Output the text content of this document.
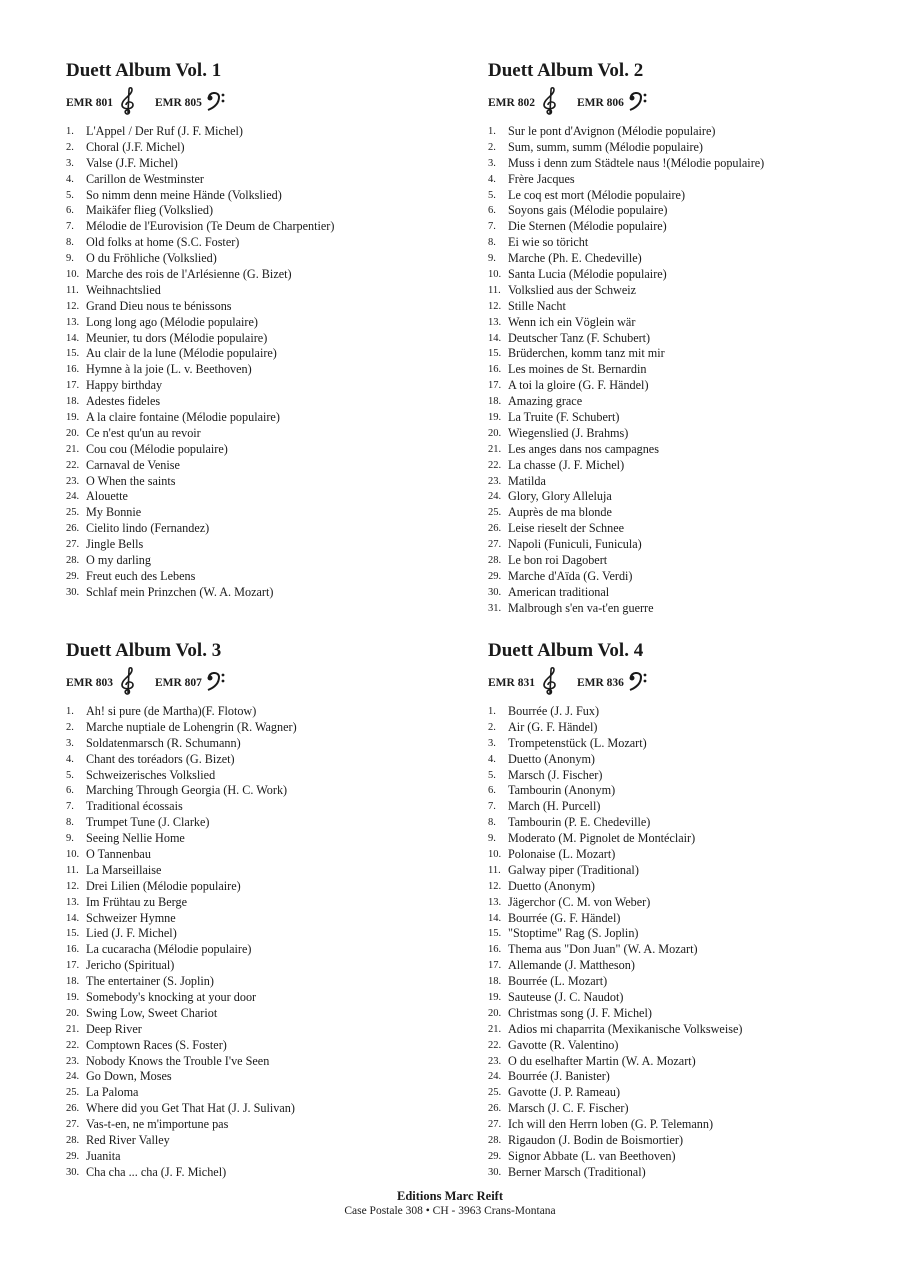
Duett Album Vol. 1
EMR 801	EMR 805
1. L'Appel / Der Ruf (J. F. Michel)
2. Choral (J.F. Michel)
3. Valse (J.F. Michel)
4. Carillon de Westminster
5. So nimm denn meine Hände (Volkslied)
6. Maikäfer flieg (Volkslied)
7. Mélodie de l'Eurovision (Te Deum de Charpentier)
8. Old folks at home (S.C. Foster)
9. O du Fröhliche (Volkslied)
10. Marche des rois de l'Arlésienne (G. Bizet)
11. Weihnachtslied
12. Grand Dieu nous te bénissons
13. Long long ago (Mélodie populaire)
14. Meunier, tu dors (Mélodie populaire)
15. Au clair de la lune (Mélodie populaire)
16. Hymne à la joie (L. v. Beethoven)
17. Happy birthday
18. Adestes fideles
19. A la claire fontaine (Mélodie populaire)
20. Ce n'est qu'un au revoir
21. Cou cou (Mélodie populaire)
22. Carnaval de Venise
23. O When the saints
24. Alouette
25. My Bonnie
26. Cielito lindo (Fernandez)
27. Jingle Bells
28. O my darling
29. Freut euch des Lebens
30. Schlaf mein Prinzchen (W. A. Mozart)
Duett Album Vol. 2
EMR 802	EMR 806
1. Sur le pont d'Avignon (Mélodie populaire)
2. Sum, summ, summ (Mélodie populaire)
3. Muss i denn zum Städtele naus !(Mélodie populaire)
4. Frère Jacques
5. Le coq est mort (Mélodie populaire)
6. Soyons gais (Mélodie populaire)
7. Die Sternen (Mélodie populaire)
8. Ei wie so töricht
9. Marche (Ph. E. Chedeville)
10. Santa Lucia (Mélodie populaire)
11. Volkslied aus der Schweiz
12. Stille Nacht
13. Wenn ich ein Vöglein wär
14. Deutscher Tanz (F. Schubert)
15. Brüderchen, komm tanz mit mir
16. Les moines de St. Bernardin
17. A toi la gloire (G. F. Händel)
18. Amazing grace
19. La Truite (F. Schubert)
20. Wiegenslied (J. Brahms)
21. Les anges dans nos campagnes
22. La chasse (J. F. Michel)
23. Matilda
24. Glory, Glory Alleluja
25. Auprès de ma blonde
26. Leise rieselt der Schnee
27. Napoli (Funiculi, Funicula)
28. Le bon roi Dagobert
29. Marche d'Aïda (G. Verdi)
30. American traditional
31. Malbrough s'en va-t'en guerre
Duett Album Vol. 3
EMR 803	EMR 807
1. Ah! si pure (de Martha)(F. Flotow)
2. Marche nuptiale de Lohengrin (R. Wagner)
3. Soldatenmarsch (R. Schumann)
4. Chant des toréadors (G. Bizet)
5. Schweizerisches Volkslied
6. Marching Through Georgia (H. C. Work)
7. Traditional écossais
8. Trumpet Tune (J. Clarke)
9. Seeing Nellie Home
10. O Tannenbau
11. La Marseillaise
12. Drei Lilien (Mélodie populaire)
13. Im Frühtau zu Berge
14. Schweizer Hymne
15. Lied (J. F. Michel)
16. La cucaracha (Mélodie populaire)
17. Jericho (Spiritual)
18. The entertainer (S. Joplin)
19. Somebody's knocking at your door
20. Swing Low, Sweet Chariot
21. Deep River
22. Comptown Races (S. Foster)
23. Nobody Knows the Trouble I've Seen
24. Go Down, Moses
25. La Paloma
26. Where did you Get That Hat (J. J. Sulivan)
27. Vas-t-en, ne m'importune pas
28. Red River Valley
29. Juanita
30. Cha cha ... cha (J. F. Michel)
Duett Album Vol. 4
EMR 831	EMR 836
1. Bourrée (J. J. Fux)
2. Air (G. F. Händel)
3. Trompetenstück (L. Mozart)
4. Duetto (Anonym)
5. Marsch (J. Fischer)
6. Tambourin (Anonym)
7. March (H. Purcell)
8. Tambourin (P. E. Chedeville)
9. Moderato (M. Pignolet de Montéclair)
10. Polonaise (L. Mozart)
11. Galway piper (Traditional)
12. Duetto (Anonym)
13. Jägerchor (C. M. von Weber)
14. Bourrée (G. F. Händel)
15. "Stoptime" Rag (S. Joplin)
16. Thema aus "Don Juan" (W. A. Mozart)
17. Allemande (J. Mattheson)
18. Bourrée (L. Mozart)
19. Sauteuse (J. C. Naudot)
20. Christmas song (J. F. Michel)
21. Adios mi chaparrita (Mexikanische Volksweise)
22. Gavotte (R. Valentino)
23. O du eselhafter Martin (W. A. Mozart)
24. Bourrée (J. Banister)
25. Gavotte (J. P. Rameau)
26. Marsch (J. C. F. Fischer)
27. Ich will den Herrn loben (G. P. Telemann)
28. Rigaudon (J. Bodin de Boismortier)
29. Signor Abbate (L. van Beethoven)
30. Berner Marsch (Traditional)
Editions Marc Reift
Case Postale 308 • CH - 3963 Crans-Montana
